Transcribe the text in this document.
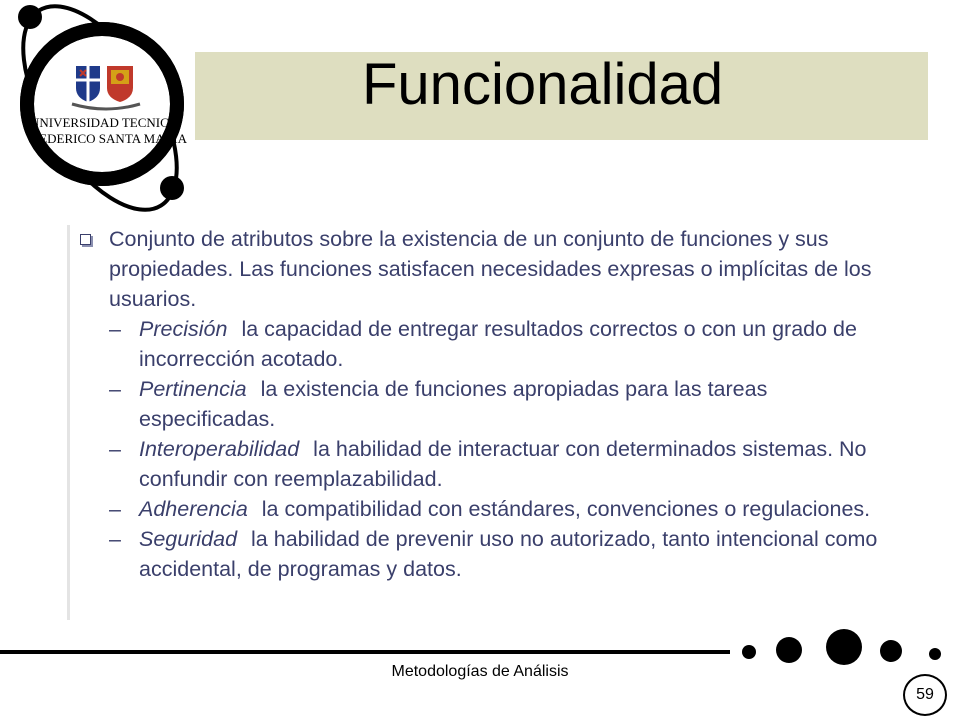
Funcionalidad
UNIVERSIDAD TECNICA
FEDERICO SANTA MARIA
Conjunto de atributos sobre la existencia de un conjunto de funciones y sus propiedades. Las funciones satisfacen necesidades expresas o implícitas de los usuarios.
– Precisión la capacidad de entregar resultados correctos o con un grado de incorrección acotado.
– Pertinencia la existencia de funciones apropiadas para las tareas especificadas.
– Interoperabilidad la habilidad de interactuar con determinados sistemas. No confundir con reemplazabilidad.
– Adherencia la compatibilidad con estándares, convenciones o regulaciones.
– Seguridad la habilidad de prevenir uso no autorizado, tanto intencional como accidental, de programas y datos.
Metodologías de Análisis
59
